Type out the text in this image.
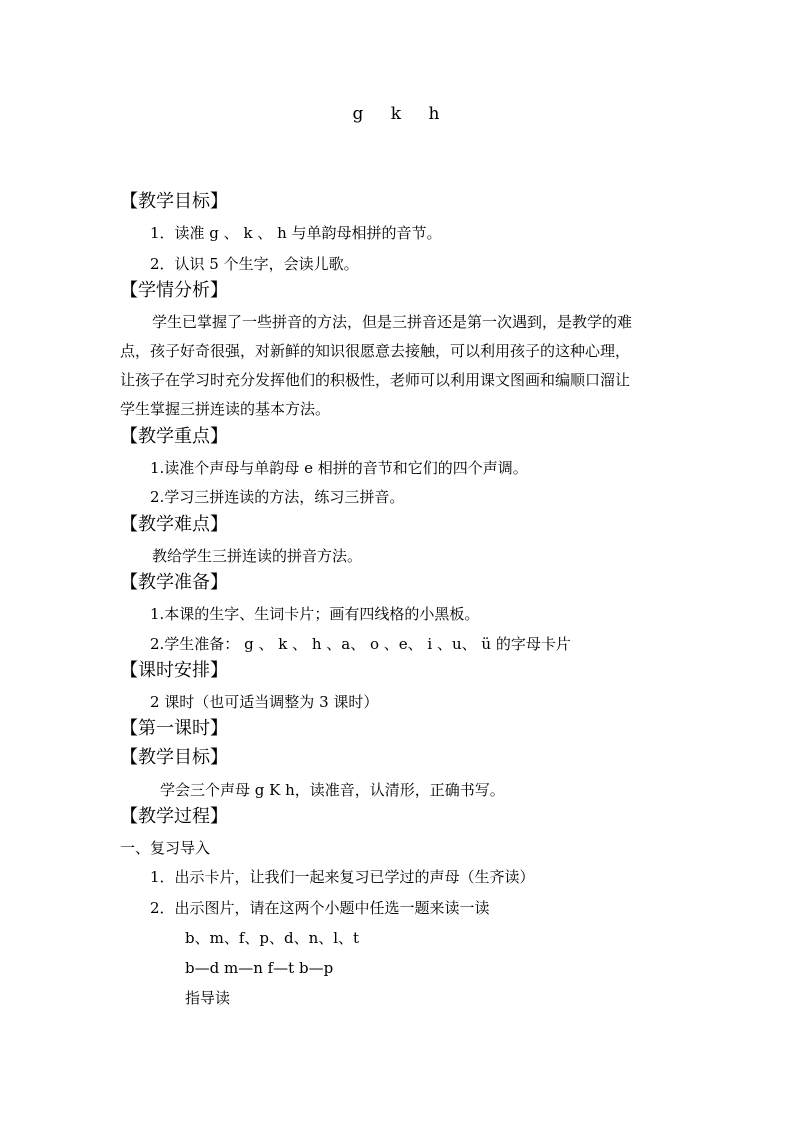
g k h
【教学目标】
1．读准 g 、 k 、 h 与单韵母相拼的音节。
2．认识 5 个生字，会读儿歌。
【学情分析】
学生已掌握了一些拼音的方法，但是三拼音还是第一次遇到，是教学的难
点，孩子好奇很强，对新鲜的知识很愿意去接触，可以利用孩子的这种心理，
让孩子在学习时充分发挥他们的积极性，老师可以利用课文图画和编顺口溜让
学生掌握三拼连读的基本方法。
【教学重点】
1.读准个声母与单韵母 e 相拼的音节和它们的四个声调。
2.学习三拼连读的方法，练习三拼音。
【教学难点】
教给学生三拼连读的拼音方法。
【教学准备】
1.本课的生字、生词卡片；画有四线格的小黑板。
2.学生准备： g 、 k 、 h 、a、 o 、e、 i 、u、 ü 的字母卡片
【课时安排】
2 课时（也可适当调整为 3 课时）
【第一课时】
【教学目标】
学会三个声母 g K h，读准音，认清形，正确书写。
【教学过程】
一、复习导入
1．出示卡片，让我们一起来复习已学过的声母（生齐读）
2．出示图片，请在这两个小题中任选一题来读一读
b、m、f、p、d、n、l、t
b—d m—n f—t b—p
指导读
